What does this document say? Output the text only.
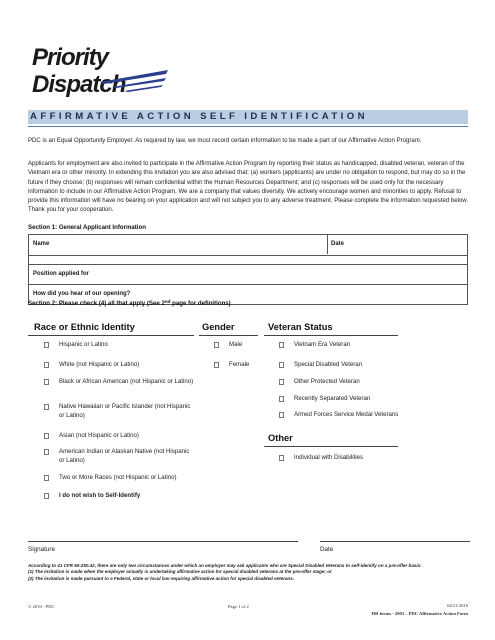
Priority
Dispatch
AFFIRMATIVE ACTION SELF IDENTIFICATION
PDC is an Equal Opportunity Employer. As required by law, we must record certain information to be made a part of our Affirmative Action Program.
Applicants for employment are also invited to participate in the Affirmative Action Program by reporting their status as handicapped, disabled veteran, veteran of the Vietnam era or other minority. In extending this invitation you are also advised that: (a) workers (applicants) are under no obligation to respond, but may do so in the future if they choose; (b) responses will remain confidential within the Human Resources Department; and (c) responses will be used only for the necessary information to include in our Affirmative Action Program. We are a company that values diversity. We actively encourage women and minorities to apply. Refusal to provide this information will have no bearing on your application and will not subject you to any adverse treatment. Please complete the information requested below. Thank you for your cooperation.
Section 1: General Applicant Information
Name	Date
Position applied for
How did you hear of our opening?
Section 2: Please check (4) all that apply (See 2nd page for definitions)
Race or Ethnic Identity	Gender	Veteran Status
Hispanic or Latino
White (not Hispanic or Latino)
Black or African American (not Hispanic or Latino)
Native Hawaiian or Pacific Islander (not Hispanic or Latino)
Asian (not Hispanic or Latino)
American Indian or Alaskan Native (not Hispanic or Latino)
Two or More Races (not Hispanic or Latino)
I do not wish to Self-Identify
Male
Female
Vietnam Era Veteran
Special Disabled Veteran
Other Protected Veteran
Recently Separated Veteran
Armed Forces Service Medal Veterans
Other
Individual with Disabilities
Signature	Date
According to 41 CFR 60-250.42, there are only two circumstances under which an employer may ask applicants who are Special Disabled Veterans to self-identify on a pre-offer basis:
(1) The invitation is made when the employer actually is undertaking affirmative action for special disabled veterans at the pre-offer stage; or
(2) The invitation is made pursuant to a Federal, state or local law requiring affirmative action for special disabled veterans.
© 2010 - PDC	Page 1 of 2	04/21/2010
HR forms - 2003 – PDC Affirmative Action Form
